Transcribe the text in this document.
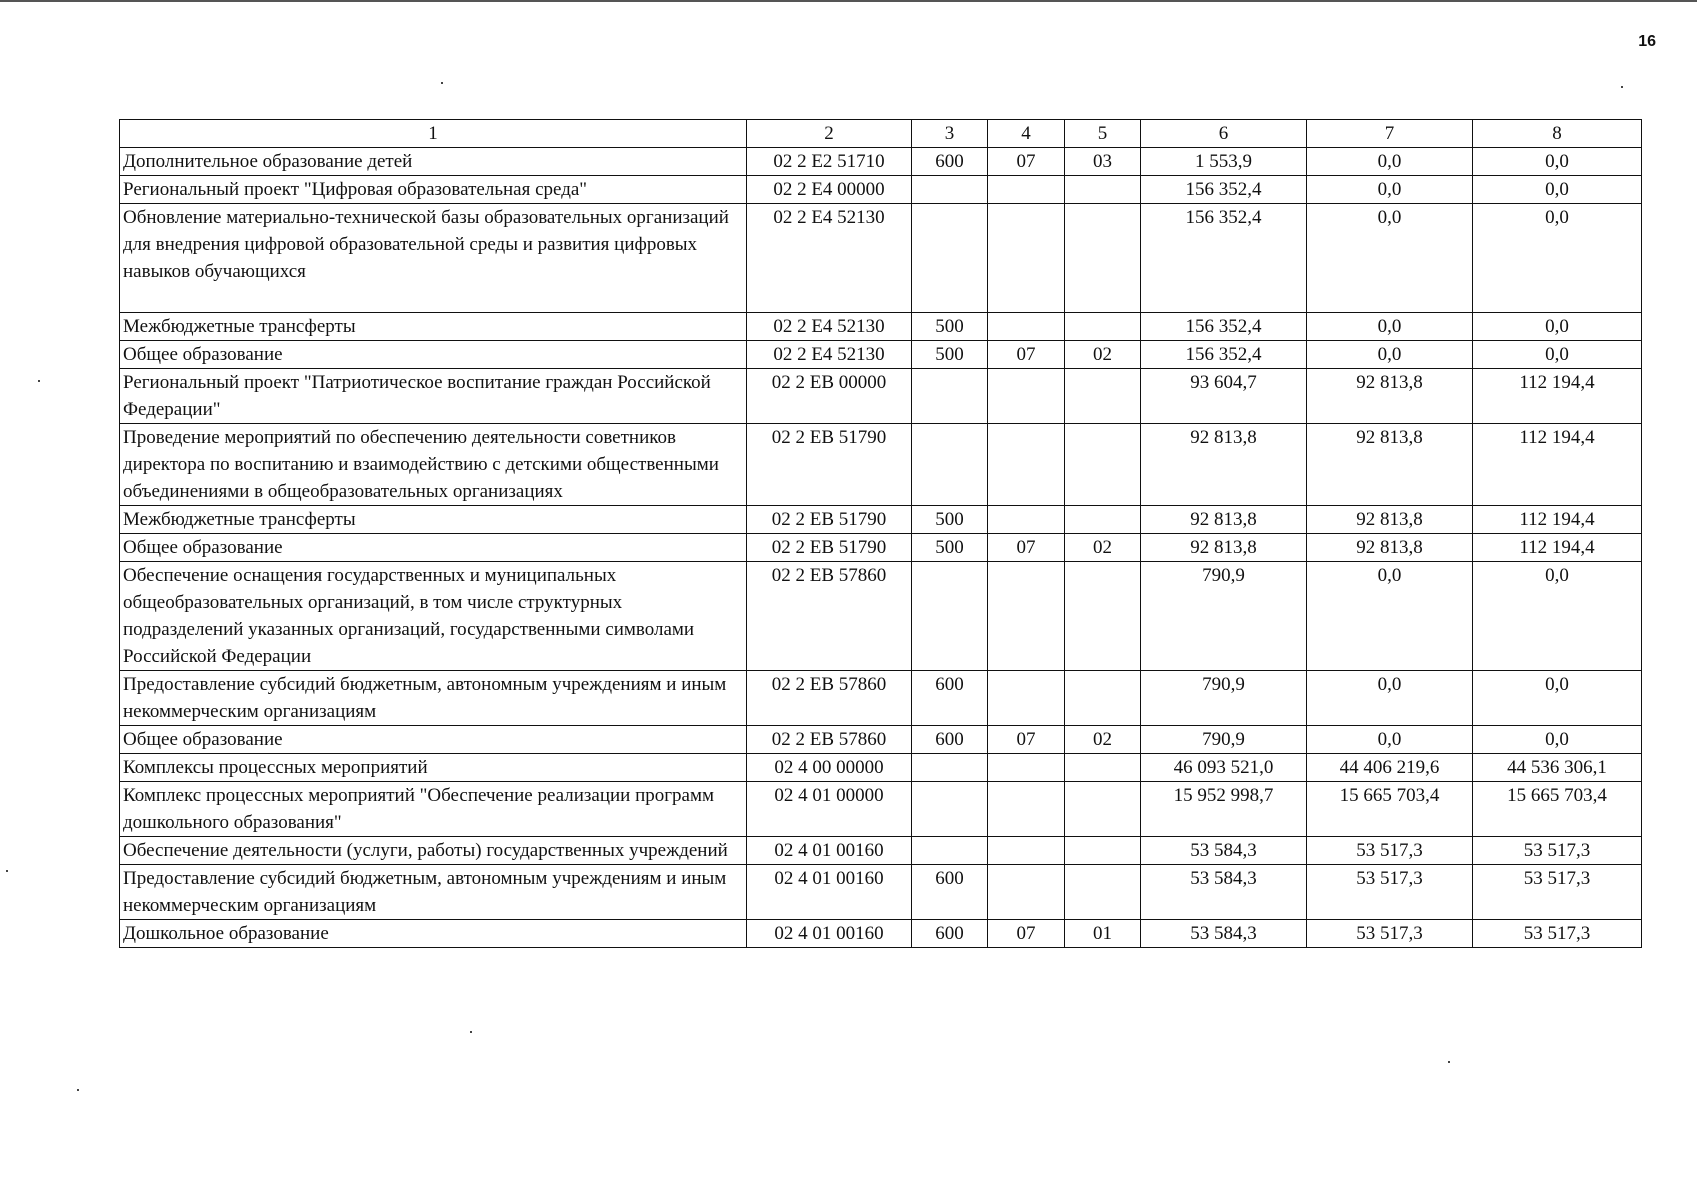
16
1	2	3	4	5	6	7	8
Дополнительное образование детей	02 2 E2 51710	600	07	03	1 553,9	0,0	0,0
Региональный проект "Цифровая образовательная среда"	02 2 E4 00000				156 352,4	0,0	0,0
Обновление материально-технической базы образовательных организаций для внедрения цифровой образовательной среды и развития цифровых навыков обучающихся	02 2 E4 52130				156 352,4	0,0	0,0
Межбюджетные трансферты	02 2 E4 52130	500			156 352,4	0,0	0,0
Общее образование	02 2 E4 52130	500	07	02	156 352,4	0,0	0,0
Региональный проект "Патриотическое воспитание граждан Российской Федерации"	02 2 EB 00000				93 604,7	92 813,8	112 194,4
Проведение мероприятий по обеспечению деятельности советников директора по воспитанию и взаимодействию с детскими общественными объединениями в общеобразовательных организациях	02 2 EB 51790				92 813,8	92 813,8	112 194,4
Межбюджетные трансферты	02 2 EB 51790	500			92 813,8	92 813,8	112 194,4
Общее образование	02 2 EB 51790	500	07	02	92 813,8	92 813,8	112 194,4
Обеспечение оснащения государственных и муниципальных общеобразовательных организаций, в том числе структурных подразделений указанных организаций, государственными символами Российской Федерации	02 2 EB 57860				790,9	0,0	0,0
Предоставление субсидий бюджетным, автономным учреждениям и иным некоммерческим организациям	02 2 EB 57860	600			790,9	0,0	0,0
Общее образование	02 2 EB 57860	600	07	02	790,9	0,0	0,0
Комплексы процессных мероприятий	02 4 00 00000				46 093 521,0	44 406 219,6	44 536 306,1
Комплекс процессных мероприятий "Обеспечение реализации программ дошкольного образования"	02 4 01 00000				15 952 998,7	15 665 703,4	15 665 703,4
Обеспечение деятельности (услуги, работы) государственных учреждений	02 4 01 00160				53 584,3	53 517,3	53 517,3
Предоставление субсидий бюджетным, автономным учреждениям и иным некоммерческим организациям	02 4 01 00160	600			53 584,3	53 517,3	53 517,3
Дошкольное образование	02 4 01 00160	600	07	01	53 584,3	53 517,3	53 517,3
